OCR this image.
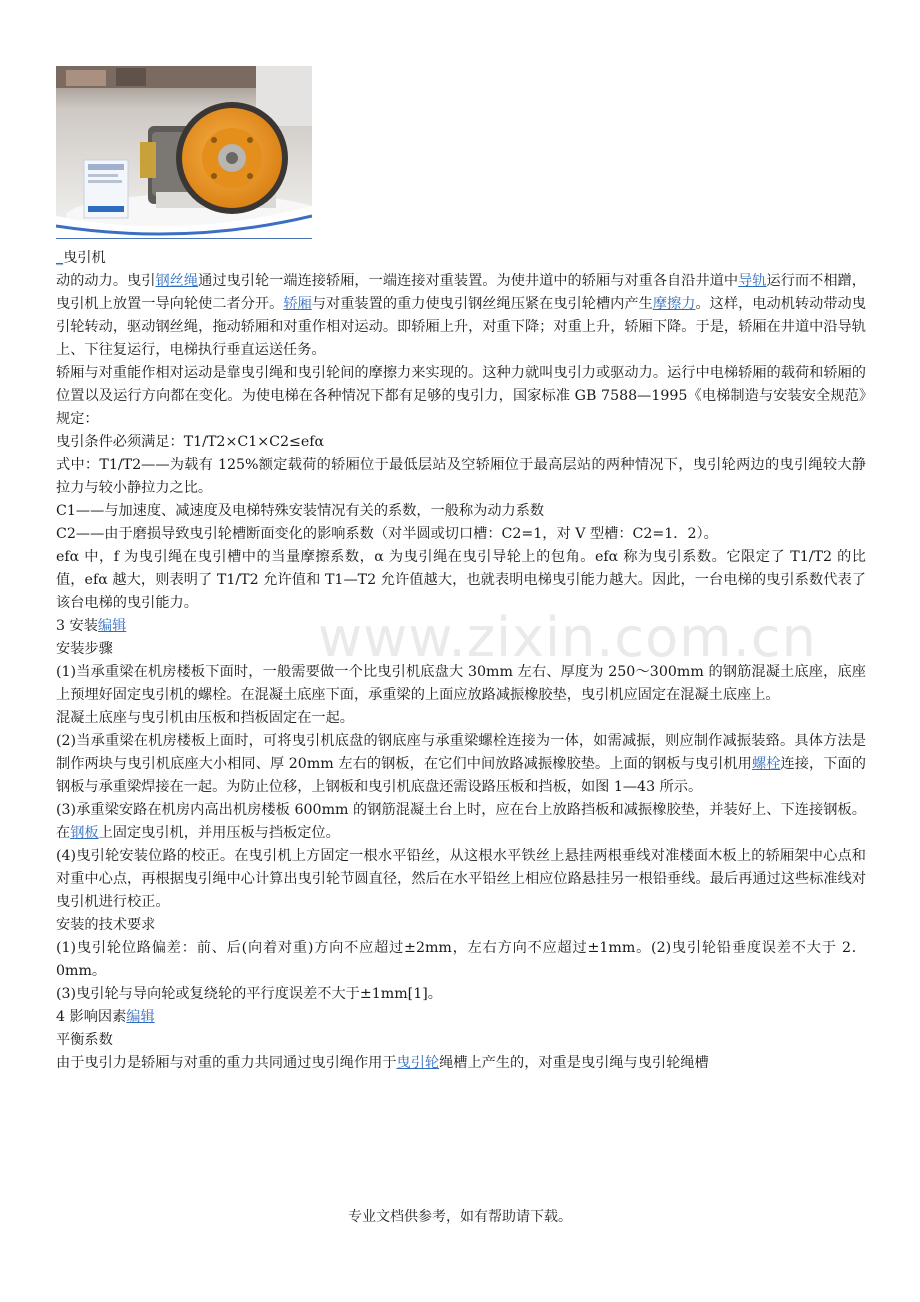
_曳引机

动的动力。曳引钢丝绳通过曳引轮一端连接轿厢，一端连接对重装置。为使井道中的轿厢与对重各自沿井道中导轨运行而不相蹭，曳引机上放置一导向轮使二者分开。轿厢与对重装置的重力使曳引钢丝绳压紧在曳引轮槽内产生摩擦力。这样，电动机转动带动曳引轮转动，驱动钢丝绳，拖动轿厢和对重作相对运动。即轿厢上升，对重下降；对重上升，轿厢下降。于是，轿厢在井道中沿导轨上、下往复运行，电梯执行垂直运送任务。

轿厢与对重能作相对运动是靠曳引绳和曳引轮间的摩擦力来实现的。这种力就叫曳引力或驱动力。运行中电梯轿厢的载荷和轿厢的位置以及运行方向都在变化。为使电梯在各种情况下都有足够的曳引力，国家标准 GB 7588—1995《电梯制造与安装安全规范》规定：

曳引条件必须满足：T1/T2×C1×C2≤efα

式中：T1/T2——为载有 125%额定载荷的轿厢位于最低层站及空轿厢位于最高层站的两种情况下，曳引轮两边的曳引绳较大静拉力与较小静拉力之比。

C1——与加速度、减速度及电梯特殊安装情况有关的系数，一般称为动力系数

C2——由于磨损导致曳引轮槽断面变化的影响系数（对半圆或切口槽：C2=1，对 V 型槽：C2=1．2）。

efα 中，f 为曳引绳在曳引槽中的当量摩擦系数，α 为曳引绳在曳引导轮上的包角。efα 称为曳引系数。它限定了 T1/T2 的比值，efα 越大，则表明了 T1/T2 允许值和 T1—T2 允许值越大，也就表明电梯曳引能力越大。因此，一台电梯的曳引系数代表了该台电梯的曳引能力。

3 安装编辑

安装步骤

(1)当承重梁在机房楼板下面时，一般需要做一个比曳引机底盘大 30mm 左右、厚度为 250～300mm 的钢筋混凝土底座，底座上预埋好固定曳引机的螺栓。在混凝土底座下面，承重梁的上面应放路减振橡胶垫，曳引机应固定在混凝土底座上。

混凝土底座与曳引机由压板和挡板固定在一起。

(2)当承重梁在机房楼板上面时，可将曳引机底盘的钢底座与承重梁螺栓连接为一体，如需减振，则应制作减振装臵。具体方法是制作两块与曳引机底座大小相同、厚 20mm 左右的钢板，在它们中间放路减振橡胶垫。上面的钢板与曳引机用螺栓连接，下面的钢板与承重梁焊接在一起。为防止位移，上钢板和曳引机底盘还需设路压板和挡板，如图 1—43 所示。

(3)承重梁安路在机房内高出机房楼板 600mm 的钢筋混凝土台上时，应在台上放路挡板和减振橡胶垫，并装好上、下连接钢板。在钢板上固定曳引机，并用压板与挡板定位。

(4)曳引轮安装位路的校正。在曳引机上方固定一根水平铅丝，从这根水平铁丝上悬挂两根垂线对准楼面木板上的轿厢架中心点和对重中心点，再根据曳引绳中心计算出曳引轮节圆直径，然后在水平铅丝上相应位路悬挂另一根铅垂线。最后再通过这些标准线对曳引机进行校正。

安装的技术要求

(1)曳引轮位路偏差：前、后(向着对重)方向不应超过±2mm，左右方向不应超过±1mm。(2)曳引轮铅垂度误差不大于 2．0mm。

(3)曳引轮与导向轮或复绕轮的平行度误差不大于±1mm[1]。

4 影响因素编辑

平衡系数

由于曳引力是轿厢与对重的重力共同通过曳引绳作用于曳引轮绳槽上产生的，对重是曳引绳与曳引轮绳槽

www.zixin.com.cn
专业文档供参考，如有帮助请下载。
